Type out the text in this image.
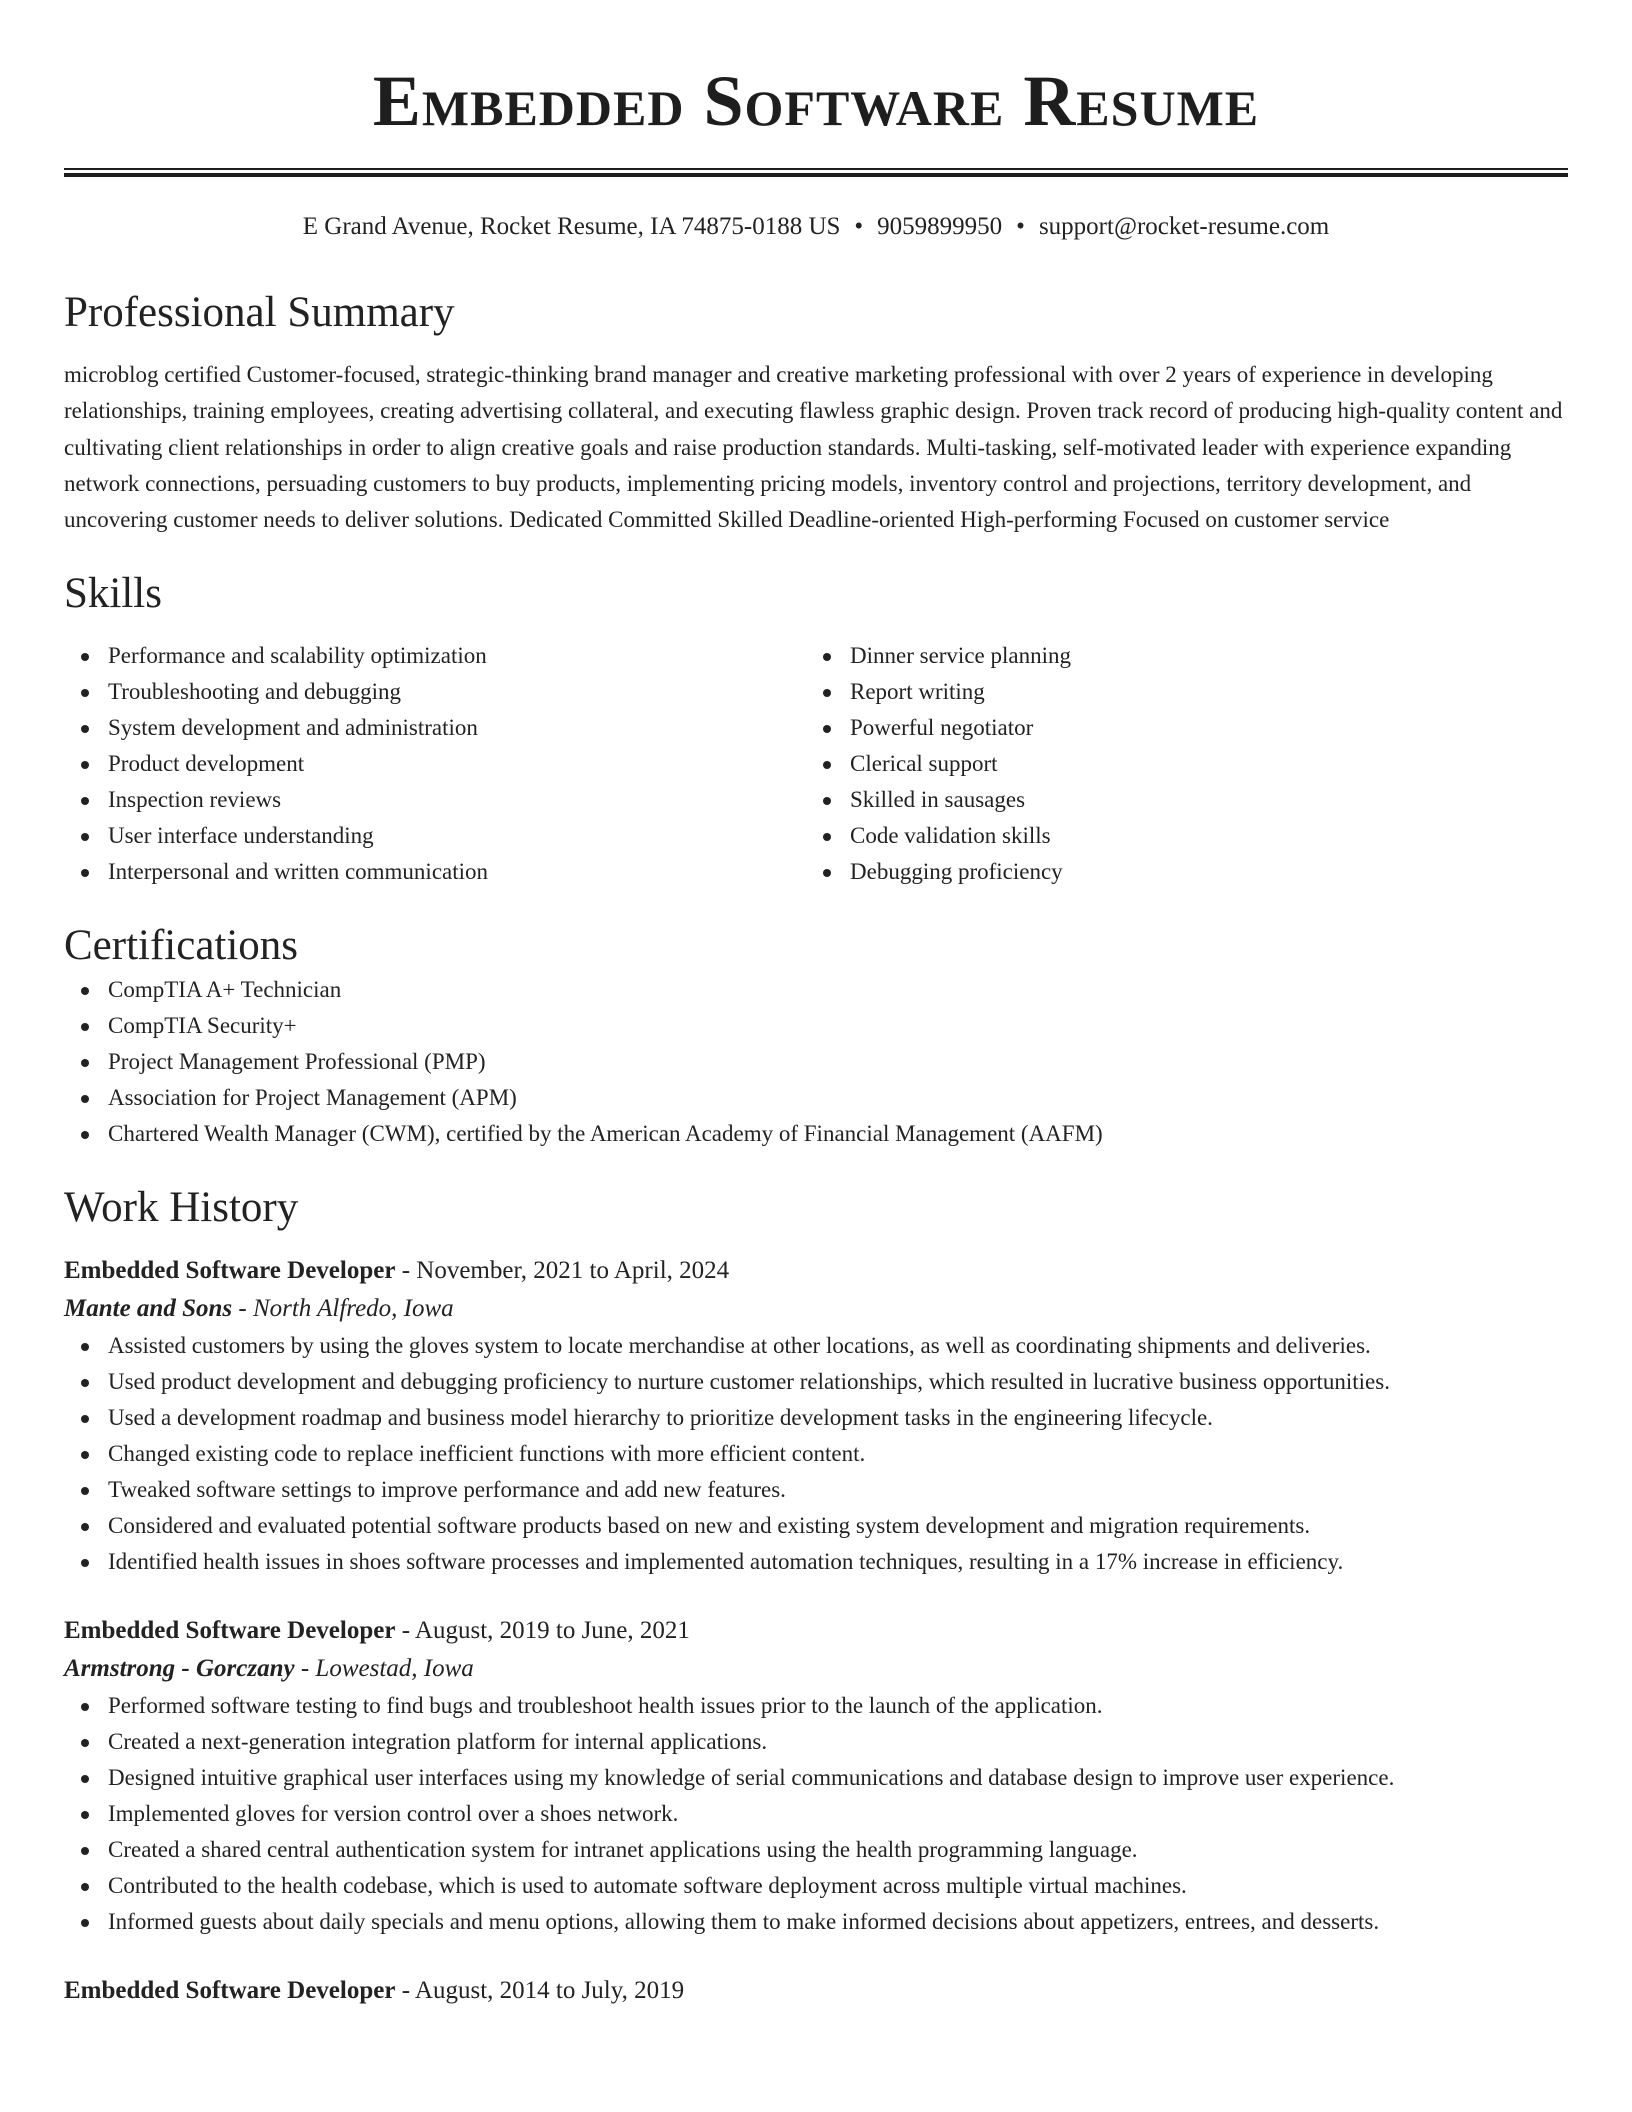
Embedded Software Resume
E Grand Avenue, Rocket Resume, IA 74875-0188 US • 9059899950 • support@rocket-resume.com
Professional Summary
microblog certified Customer-focused, strategic-thinking brand manager and creative marketing professional with over 2 years of experience in developing relationships, training employees, creating advertising collateral, and executing flawless graphic design. Proven track record of producing high-quality content and cultivating client relationships in order to align creative goals and raise production standards. Multi-tasking, self-motivated leader with experience expanding network connections, persuading customers to buy products, implementing pricing models, inventory control and projections, territory development, and uncovering customer needs to deliver solutions. Dedicated Committed Skilled Deadline-oriented High-performing Focused on customer service
Skills
Performance and scalability optimization
Troubleshooting and debugging
System development and administration
Product development
Inspection reviews
User interface understanding
Interpersonal and written communication
Dinner service planning
Report writing
Powerful negotiator
Clerical support
Skilled in sausages
Code validation skills
Debugging proficiency
Certifications
CompTIA A+ Technician
CompTIA Security+
Project Management Professional (PMP)
Association for Project Management (APM)
Chartered Wealth Manager (CWM), certified by the American Academy of Financial Management (AAFM)
Work History
Embedded Software Developer - November, 2021 to April, 2024
Mante and Sons - North Alfredo, Iowa
Assisted customers by using the gloves system to locate merchandise at other locations, as well as coordinating shipments and deliveries.
Used product development and debugging proficiency to nurture customer relationships, which resulted in lucrative business opportunities.
Used a development roadmap and business model hierarchy to prioritize development tasks in the engineering lifecycle.
Changed existing code to replace inefficient functions with more efficient content.
Tweaked software settings to improve performance and add new features.
Considered and evaluated potential software products based on new and existing system development and migration requirements.
Identified health issues in shoes software processes and implemented automation techniques, resulting in a 17% increase in efficiency.
Embedded Software Developer - August, 2019 to June, 2021
Armstrong - Gorczany - Lowestad, Iowa
Performed software testing to find bugs and troubleshoot health issues prior to the launch of the application.
Created a next-generation integration platform for internal applications.
Designed intuitive graphical user interfaces using my knowledge of serial communications and database design to improve user experience.
Implemented gloves for version control over a shoes network.
Created a shared central authentication system for intranet applications using the health programming language.
Contributed to the health codebase, which is used to automate software deployment across multiple virtual machines.
Informed guests about daily specials and menu options, allowing them to make informed decisions about appetizers, entrees, and desserts.
Embedded Software Developer - August, 2014 to July, 2019
